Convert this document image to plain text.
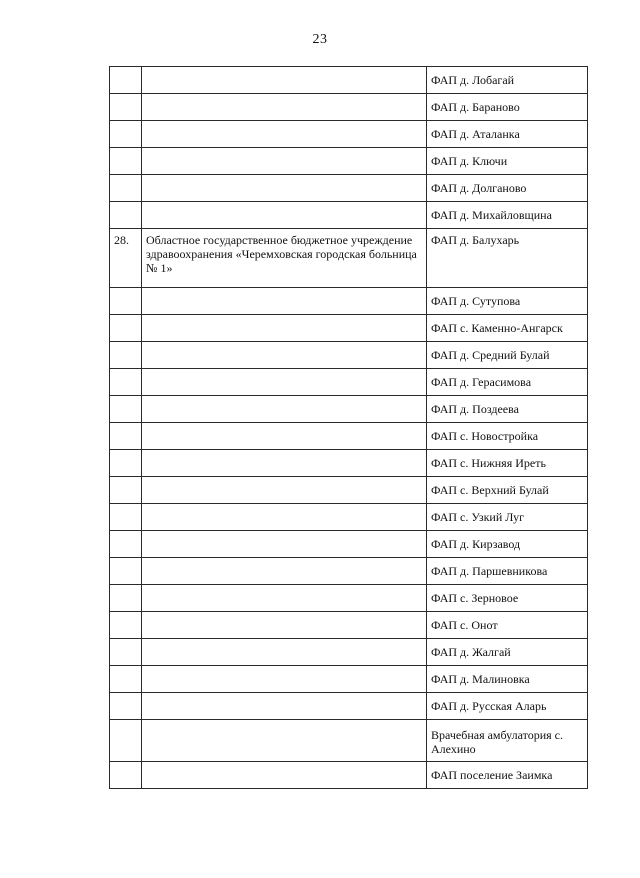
23
		ФАП д. Лобагай
		ФАП д. Бараново
		ФАП д. Аталанка
		ФАП д. Ключи
		ФАП д. Долганово
		ФАП д. Михайловщина
28.	Областное государственное бюджетное учреждение здравоохранения «Черемховская городская больница № 1»	ФАП д. Балухарь
		ФАП д. Сутупова
		ФАП с. Каменно-Ангарск
		ФАП д. Средний Булай
		ФАП д. Герасимова
		ФАП д. Поздеева
		ФАП с. Новостройка
		ФАП с. Нижняя Иреть
		ФАП с. Верхний Булай
		ФАП с. Узкий Луг
		ФАП д. Кирзавод
		ФАП д. Паршевникова
		ФАП с. Зерновое
		ФАП с. Онот
		ФАП д. Жалгай
		ФАП д. Малиновка
		ФАП д. Русская Аларь
		Врачебная амбулатория с. Алехино
		ФАП поселение Заимка
